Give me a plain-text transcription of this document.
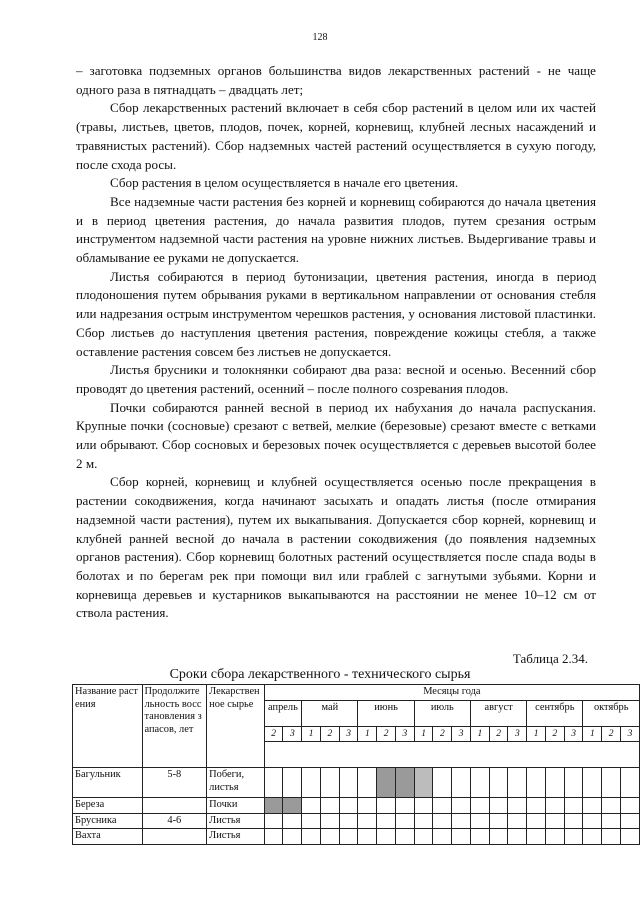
128

– заготовка подземных органов большинства видов лекарственных растений - не чаще одного раза в пятнадцать – двадцать лет;

Сбор лекарственных растений включает в себя сбор растений в целом или их частей (травы, листьев, цветов, плодов, почек, корней, корневищ, клубней лесных насаждений и травянистых растений). Сбор надземных частей растений осуществляется в сухую погоду, после схода росы.

Сбор растения в целом осуществляется в начале его цветения.

Все надземные части растения без корней и корневищ собираются до начала цветения и в период цветения растения, до начала развития плодов, путем срезания острым инструментом надземной части растения на уровне нижних листьев. Выдергивание травы и обламывание ее руками не допускается.

Листья собираются в период бутонизации, цветения растения, иногда в период плодоношения путем обрывания руками в вертикальном направлении от основания стебля или надрезания острым инструментом черешков растения, у основания листовой пластинки. Сбор листьев до наступления цветения растения, повреждение кожицы стебля, а также оставление растения совсем без листьев не допускается.

Листья брусники и толокнянки собирают два раза: весной и осенью. Весенний сбор проводят до цветения растений, осенний – после полного созревания плодов.

Почки собираются ранней весной в период их набухания до начала распускания. Крупные почки (сосновые) срезают с ветвей, мелкие (березовые) срезают вместе с ветками или обрывают. Сбор сосновых и березовых почек осуществляется с деревьев высотой более 2 м.

Сбор корней, корневищ и клубней осуществляется осенью после прекращения в растении сокодвижения, когда начинают засыхать и опадать листья (после отмирания надземной части растения), путем их выкапывания. Допускается сбор корней, корневищ и клубней ранней весной до начала в растении сокодвижения (до появления надземных органов растения). Сбор корневищ болотных растений осуществляется после спада воды в болотах и по берегам рек при помощи вил или граблей с загнутыми зубьями. Корни и корневища деревьев и кустарников выкапываются на расстоянии не менее 10–12 см от ствола растения.

Таблица 2.34.
Сроки сбора лекарственного - технического сырья
Название растения	Продолжительность восстановления запасов, лет	Лекарственное сырье	Месяцы года																			
			апрель		май			июнь			июль			август			сентябрь			октябрь		
			2	3	1	2	3	1	2	3	1	2	3	1	2	3	1	2	3	1	2	3

Багульник	5-8	Побеги, листья																				
Береза		Почки																				
Брусника	4-6	Листья																				
Вахта		Листья																				
